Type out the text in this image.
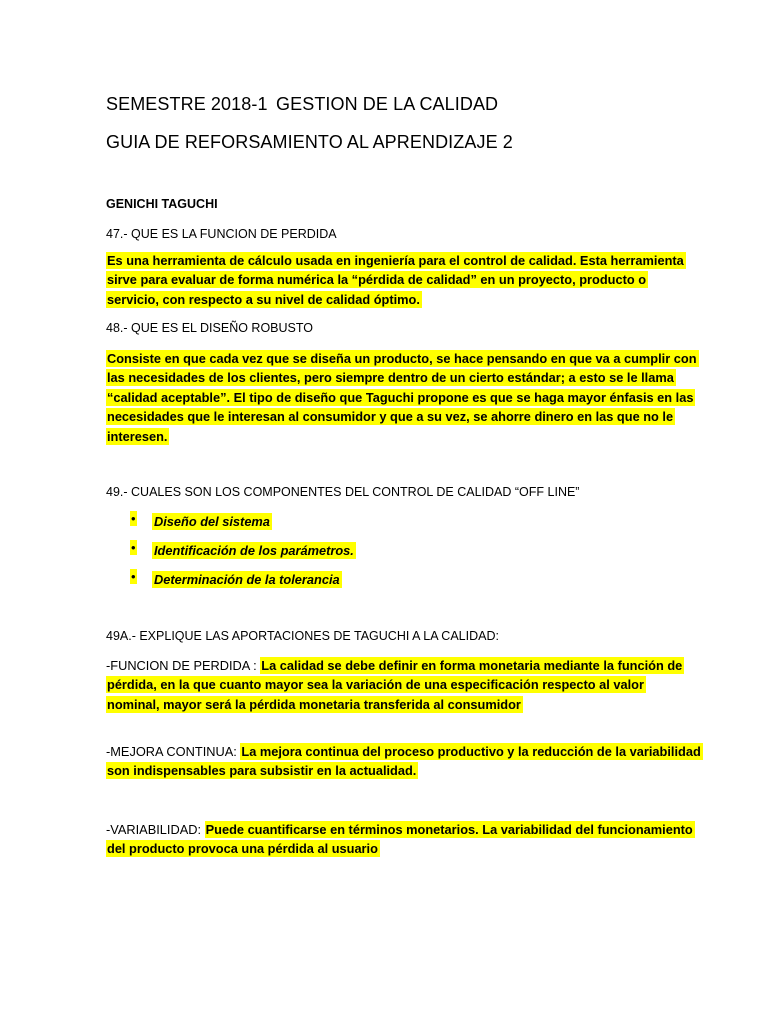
SEMESTRE 2018-1 GESTION DE LA CALIDAD
GUIA DE REFORSAMIENTO AL APRENDIZAJE 2
GENICHI TAGUCHI
47.- QUE ES LA FUNCION DE PERDIDA
Es una herramienta de cálculo usada en ingeniería para el control de calidad. Esta herramienta
sirve para evaluar de forma numérica la “pérdida de calidad” en un proyecto, producto o
servicio, con respecto a su nivel de calidad óptimo.
48.- QUE ES EL DISEÑO ROBUSTO
Consiste en que cada vez que se diseña un producto, se hace pensando en que va a cumplir con
las necesidades de los clientes, pero siempre dentro de un cierto estándar; a esto se le llama
“calidad aceptable”. El tipo de diseño que Taguchi propone es que se haga mayor énfasis en las
necesidades que le interesan al consumidor y que a su vez, se ahorre dinero en las que no le
interesen.
49.- CUALES SON LOS COMPONENTES DEL CONTROL DE CALIDAD “OFF LINE”
• Diseño del sistema
• Identificación de los parámetros.
• Determinación de la tolerancia
49A.- EXPLIQUE LAS APORTACIONES DE TAGUCHI A LA CALIDAD:
-FUNCION DE PERDIDA : La calidad se debe definir en forma monetaria mediante la función de
pérdida, en la que cuanto mayor sea la variación de una especificación respecto al valor
nominal, mayor será la pérdida monetaria transferida al consumidor
-MEJORA CONTINUA: La mejora continua del proceso productivo y la reducción de la variabilidad
son indispensables para subsistir en la actualidad.
-VARIABILIDAD: Puede cuantificarse en términos monetarios. La variabilidad del funcionamiento
del producto provoca una pérdida al usuario
